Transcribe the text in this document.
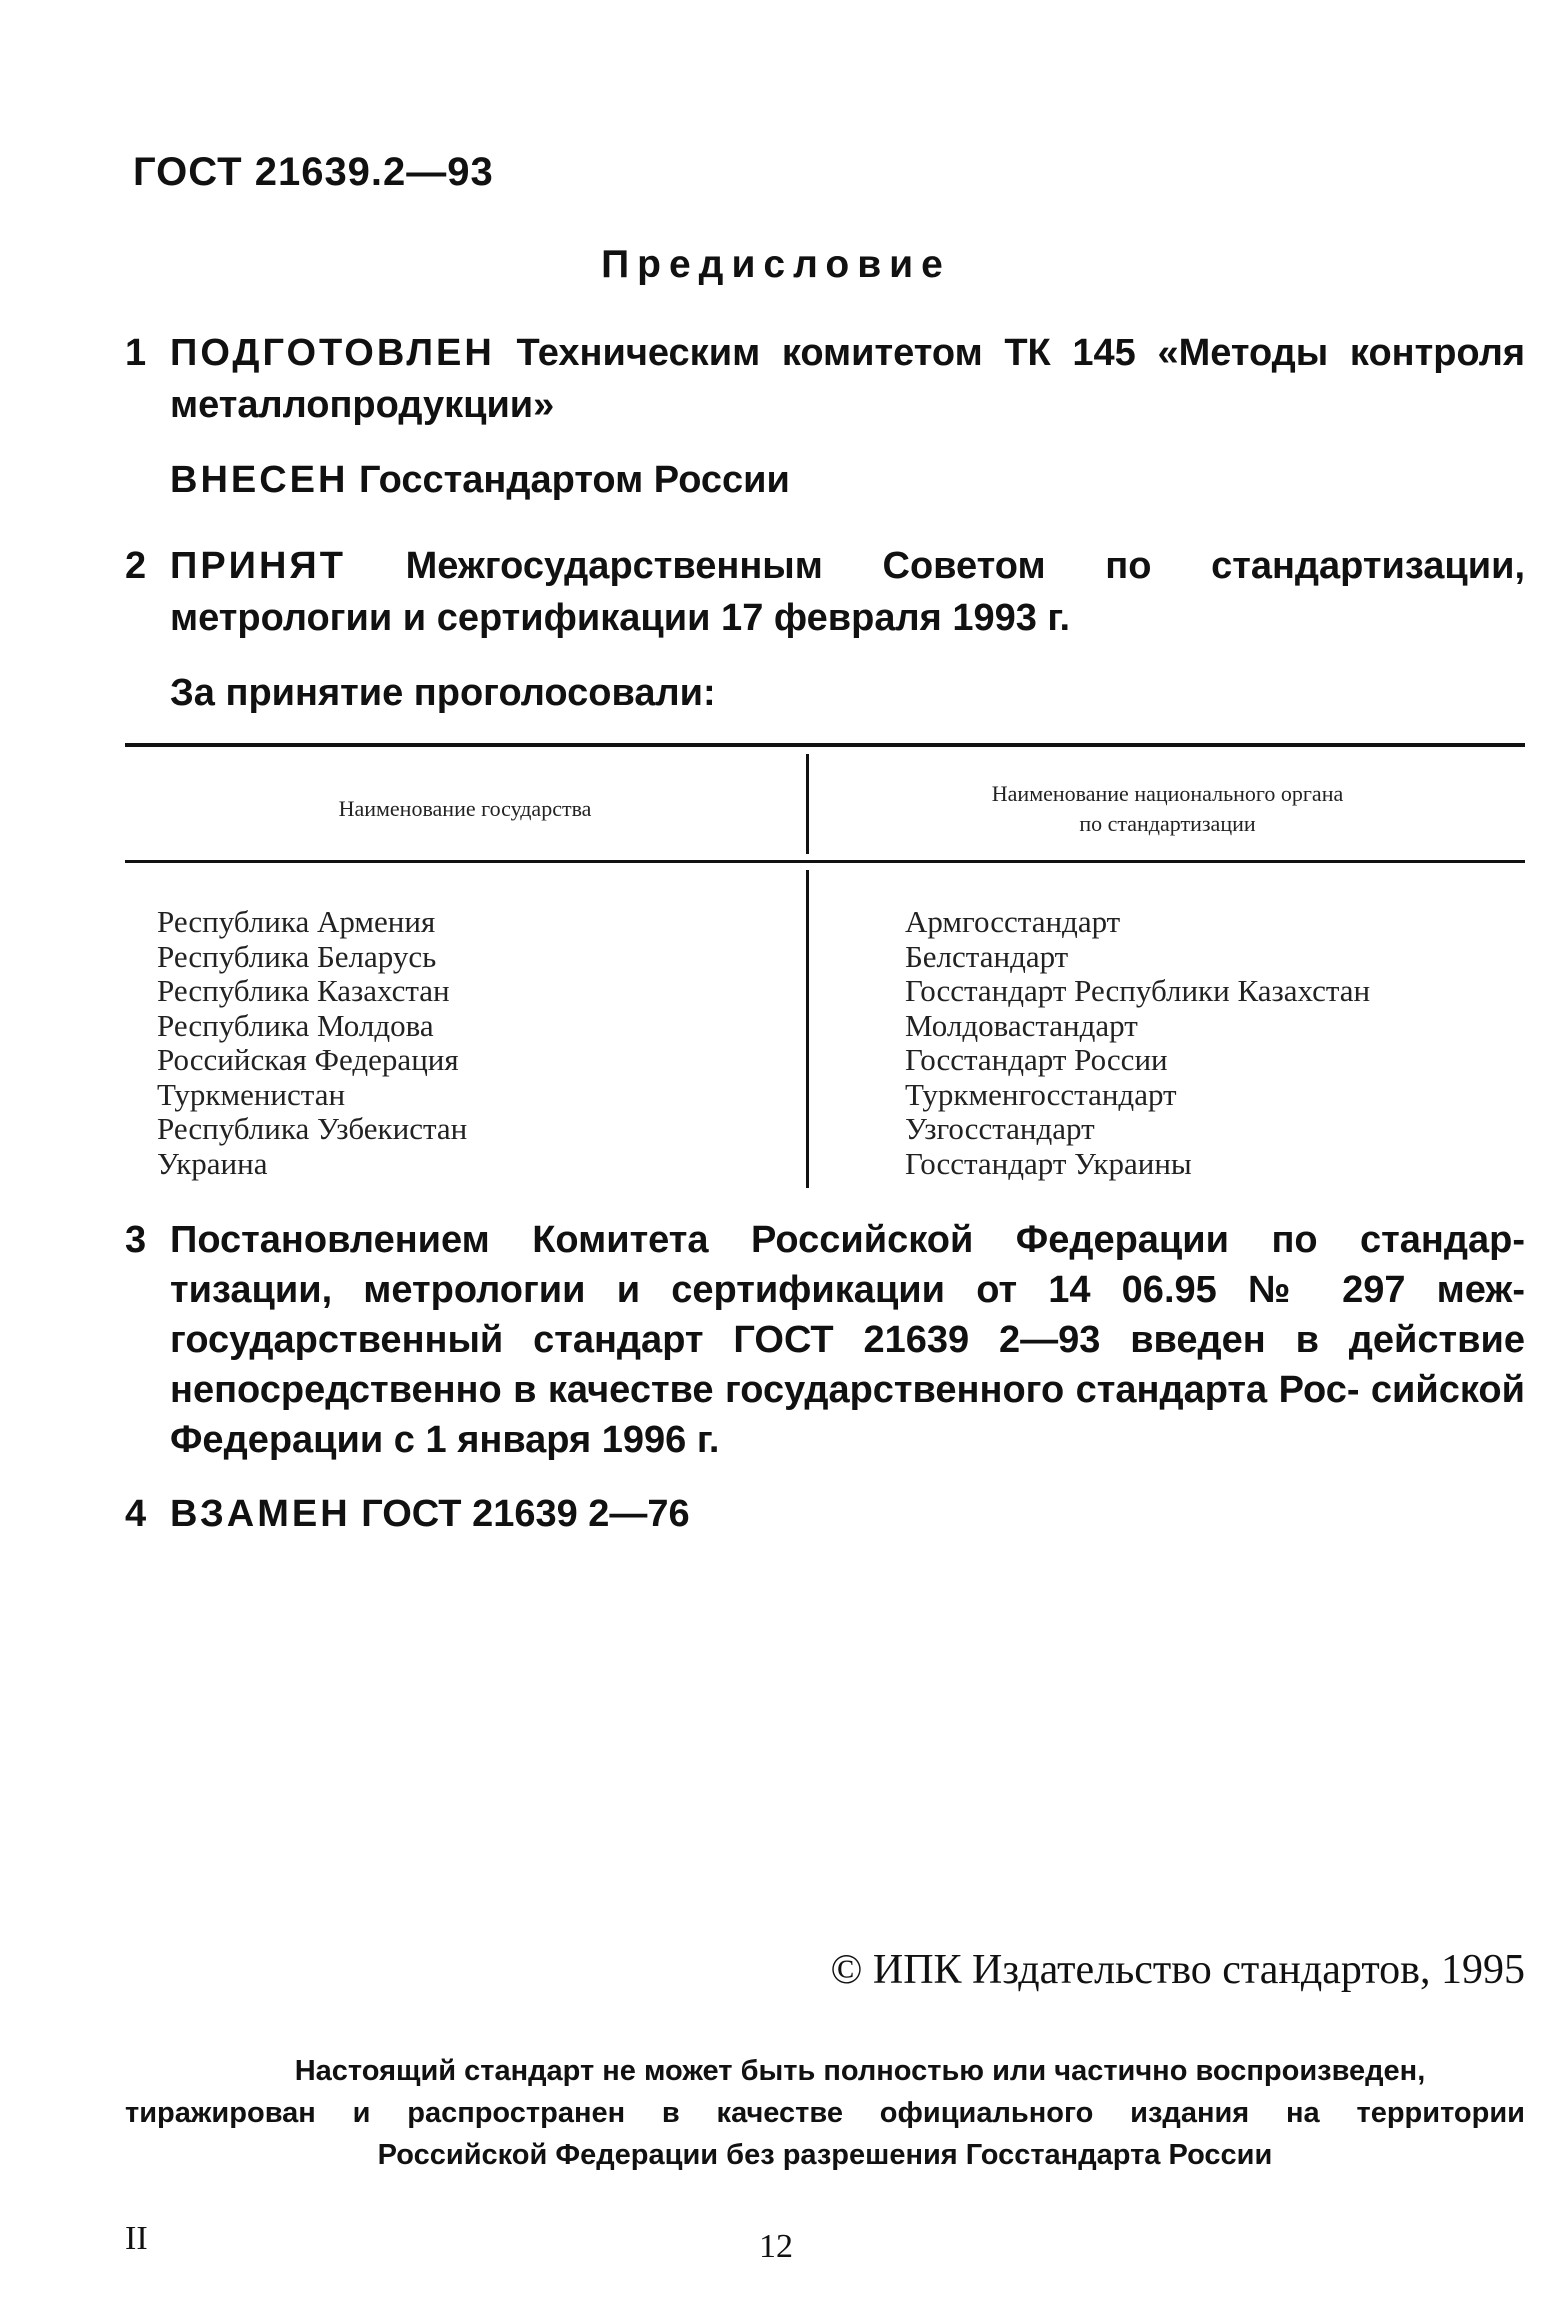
ГОСТ 21639.2—93
Предисловие
1 ПОДГОТОВЛЕН Техническим комитетом ТК 145 «Методы контроля металлопродукции»
ВНЕСЕН Госстандартом России
2 ПРИНЯТ Межгосударственным Советом по стандартизации, метрологии и сертификации 17 февраля 1993 г.
За принятие проголосовали:
Наименование государства
Наименование национального органа
по стандартизации
Республика Армения
Республика Беларусь
Республика Казахстан
Республика Молдова
Российская Федерация
Туркменистан
Республика Узбекистан
Украина
Армгосстандарт
Белстандарт
Госстандарт Республики Казахстан
Молдовастандарт
Госстандарт России
Туркменгосстандарт
Узгосстандарт
Госстандарт Украины
3 Постановлением Комитета Российской Федерации по стандар- тизации, метрологии и сертификации от 14 06.95 № 297 меж- государственный стандарт ГОСТ 21639 2—93 введен в действие непосредственно в качестве государственного стандарта Рос- сийской Федерации с 1 января 1996 г.
4 ВЗАМЕН ГОСТ 21639 2—76
© ИПК Издательство стандартов, 1995
Настоящий стандарт не может быть полностью или частично воспроизведен,
тиражирован и распространен в качестве официального издания на территории
Российской Федерации без разрешения Госстандарта России
II	12
